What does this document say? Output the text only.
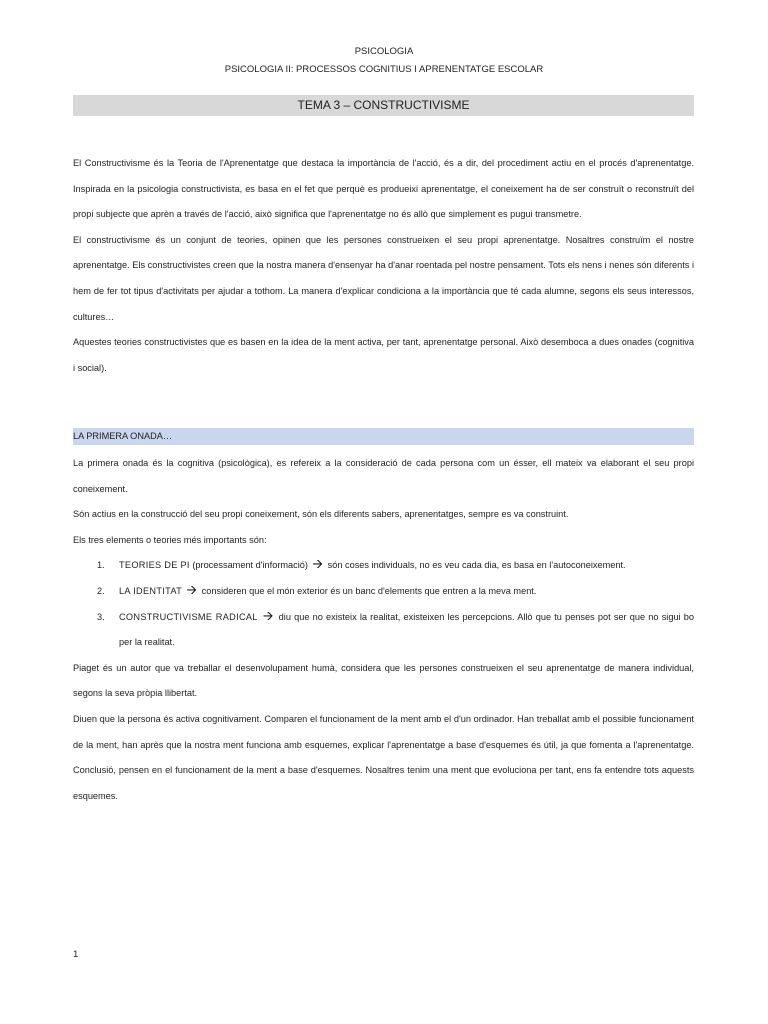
PSICOLOGIA
PSICOLOGIA II: PROCESSOS COGNITIUS I APRENENTATGE ESCOLAR
TEMA 3 – CONSTRUCTIVISME

El Constructivisme és la Teoria de l'Aprenentatge que destaca la importància de l'acció, és a dir, del procediment actiu en el procés d'aprenentatge. Inspirada en la psicologia constructivista, es basa en el fet que perquè es produeixi aprenentatge, el coneixement ha de ser construït o reconstruït del propi subjecte que aprèn a través de l'acció, això significa que l'aprenentatge no és allò que simplement es pugui transmetre.

El constructivisme és un conjunt de teories, opinen que les persones construeixen el seu propi aprenentatge. Nosaltres construïm el nostre aprenentatge. Els constructivistes creen que la nostra manera d'ensenyar ha d'anar roentada pel nostre pensament. Tots els nens i nenes són diferents i hem de fer tot tipus d'activitats per ajudar a tothom. La manera d'explicar condiciona a la importància que té cada alumne, segons els seus interessos, cultures…

Aquestes teories constructivistes que es basen en la idea de la ment activa, per tant, aprenentatge personal. Això desemboca a dues onades (cognitiva i social).

LA PRIMERA ONADA…

La primera onada és la cognitiva (psicològica), es refereix a la consideració de cada persona com un ésser, ell mateix va elaborant el seu propi coneixement.

Són actius en la construcció del seu propi coneixement, són els diferents sabers, aprenentatges, sempre es va construint.

Els tres elements o teories més importants són:

1. TEORIES DE PI (processament d'informació) 🡪 són coses individuals, no es veu cada dia, es basa en l'autoconeixement.
2. LA IDENTITAT 🡪 consideren que el món exterior és un banc d'elements que entren a la meva ment.
3. CONSTRUCTIVISME RADICAL 🡪 diu que no existeix la realitat, existeixen les percepcions. Allò que tu penses pot ser que no sigui bo per la realitat.

Piaget és un autor que va treballar el desenvolupament humà, considera que les persones construeixen el seu aprenentatge de manera individual, segons la seva pròpia llibertat.

Diuen que la persona és activa cognitivament. Comparen el funcionament de la ment amb el d'un ordinador. Han treballat amb el possible funcionament de la ment, han après que la nostra ment funciona amb esquemes, explicar l'aprenentatge a base d'esquemes és útil, ja que fomenta a l'aprenentatge. Conclusió, pensen en el funcionament de la ment a base d'esquemes. Nosaltres tenim una ment que evoluciona per tant, ens fa entendre tots aquests esquemes.

1
